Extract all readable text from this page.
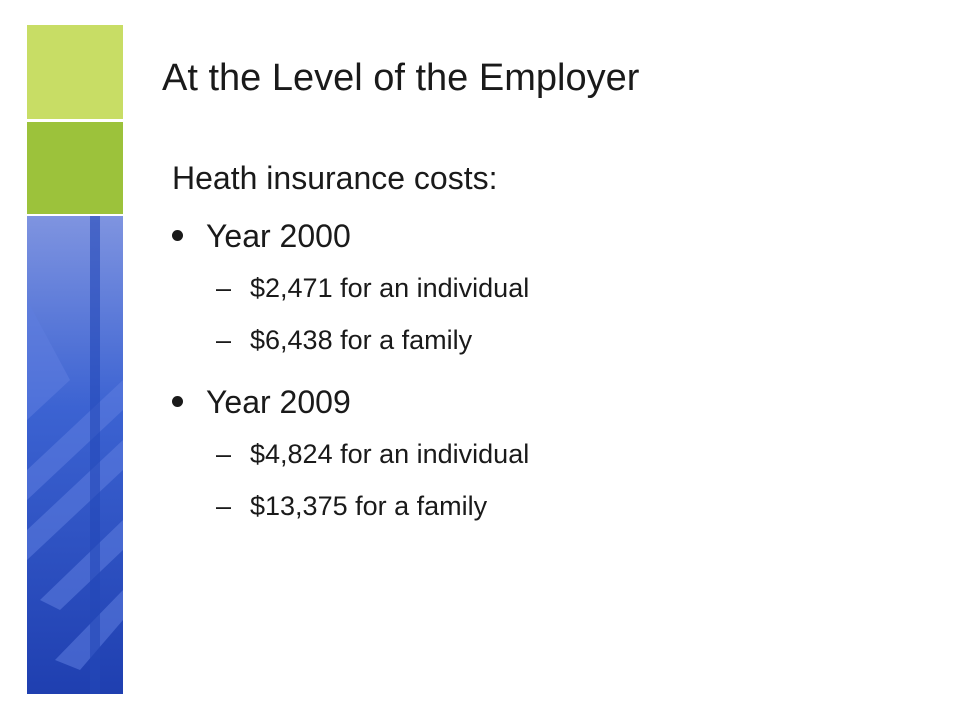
At the Level of the Employer

Heath insurance costs:

Year 2000

– $2,471 for an individual

– $6,438 for a family

Year 2009

– $4,824 for an individual

– $13,375 for a family
